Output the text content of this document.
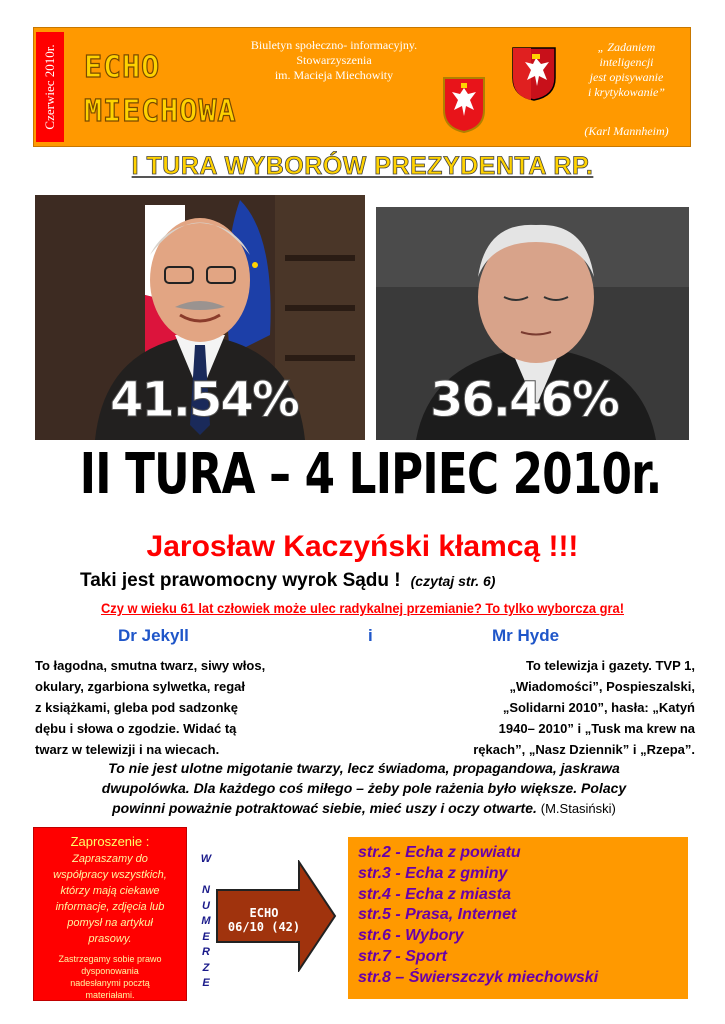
Czerwiec 2010r. ECHO
MIECHOWA
Biuletyn społeczno- informacyjny.
Stowarzyszenia
im. Macieja Miechowity
„ Zadaniem
inteligencji
jest opisywanie
i krytykowanie”
(Karl Mannheim)
I TURA WYBORÓW PREZYDENTA RP.
41.54%	36.46%
II TURA – 4 LIPIEC 2010r.
Jarosław Kaczyński kłamcą !!!
Taki jest prawomocny wyrok Sądu ! (czytaj str. 6)
Czy w wieku 61 lat człowiek może ulec radykalnej przemianie? To tylko wyborcza gra!
Dr Jekyll	i	Mr Hyde
To łagodna, smutna twarz, siwy włos,
okulary, zgarbiona sylwetka, regał
z książkami, gleba pod sadzonkę
dębu i słowa o zgodzie. Widać tą
twarz w telewizji i na wiecach.
To telewizja i gazety. TVP 1,
„Wiadomości”, Pospieszalski,
„Solidarni 2010”, hasła: „Katyń
1940– 2010” i „Tusk ma krew na
rękach”, „Nasz Dziennik” i „Rzepa”.
To nie jest ulotne migotanie twarzy, lecz świadoma, propagandowa, jaskrawa
dwupolówka. Dla każdego coś miłego – żeby pole rażenia było większe. Polacy
powinni poważnie potraktować siebie, mieć uszy i oczy otwarte. (M.Stasiński)
Zaproszenie :
Zapraszamy do
współpracy wszystkich,
którzy mają ciekawe
informacje, zdjęcia lub
pomysł na artykuł
prasowy.
Zastrzegamy sobie prawo
dysponowania
nadesłanymi pocztą
materiałami.
W

N
U
M
E
R
Z
E
ECHO
06/10 (42)
str.2 - Echa z powiatu
str.3 - Echa z gminy
str.4 - Echa z miasta
str.5 - Prasa, Internet
str.6 - Wybory
str.7 - Sport
str.8 – Świerszczyk miechowski
